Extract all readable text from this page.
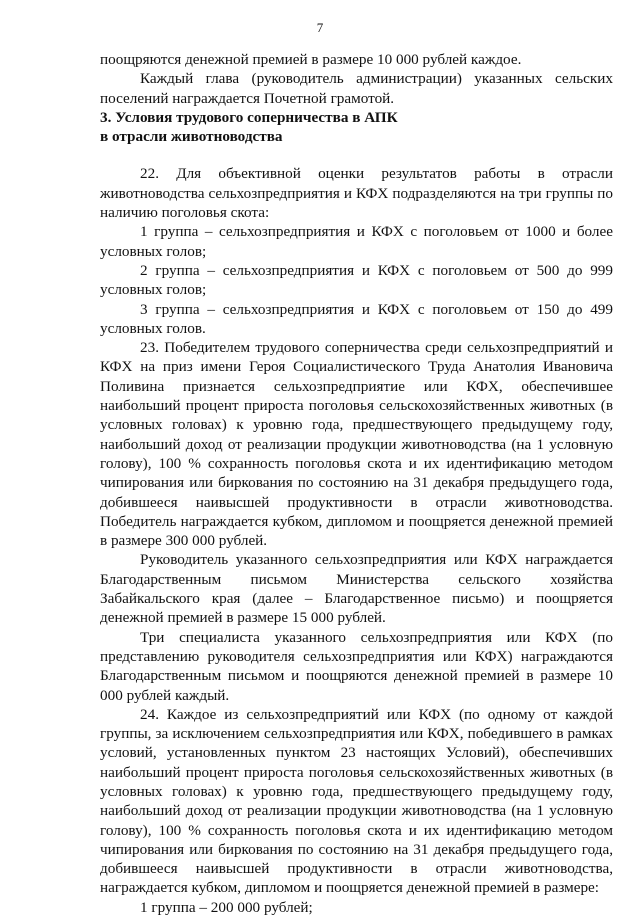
7

поощряются денежной премией в размере 10 000 рублей каждое.

Каждый глава (руководитель администрации) указанных сельских поселений награждается Почетной грамотой.

3. Условия трудового соперничества в АПК

в отрасли животноводства

22. Для объективной оценки результатов работы в отрасли животноводства сельхозпредприятия и КФХ подразделяются на три группы по наличию поголовья скота:

1 группа – сельхозпредприятия и КФХ с поголовьем от 1000 и более условных голов;

2 группа – сельхозпредприятия и КФХ с поголовьем от 500 до 999 условных голов;

3 группа – сельхозпредприятия и КФХ с поголовьем от 150 до 499 условных голов.

23. Победителем трудового соперничества среди сельхозпредприятий и КФХ на приз имени Героя Социалистического Труда Анатолия Ивановича Поливина признается сельхозпредприятие или КФХ, обеспечившее наибольший процент прироста поголовья сельскохозяйственных животных (в условных головах) к уровню года, предшествующего предыдущему году, наибольший доход от реализации продукции животноводства (на 1 условную голову), 100 % сохранность поголовья скота и их идентификацию методом чипирования или биркования по состоянию на 31 декабря предыдущего года, добившееся наивысшей продуктивности в отрасли животноводства. Победитель награждается кубком, дипломом и поощряется денежной премией в размере 300 000 рублей.

Руководитель указанного сельхозпредприятия или КФХ награждается Благодарственным письмом Министерства сельского хозяйства Забайкальского края (далее – Благодарственное письмо) и поощряется денежной премией в размере 15 000 рублей.

Три специалиста указанного сельхозпредприятия или КФХ (по представлению руководителя сельхозпредприятия или КФХ) награждаются Благодарственным письмом и поощряются денежной премией в размере 10 000 рублей каждый.

24. Каждое из сельхозпредприятий или КФХ (по одному от каждой группы, за исключением сельхозпредприятия или КФХ, победившего в рамках условий, установленных пунктом 23 настоящих Условий), обеспечивших наибольший процент прироста поголовья сельскохозяйственных животных (в условных головах) к уровню года, предшествующего предыдущему году, наибольший доход от реализации продукции животноводства (на 1 условную голову), 100 % сохранность поголовья скота и их идентификацию методом чипирования или биркования по состоянию на 31 декабря предыдущего года, добившееся наивысшей продуктивности в отрасли животноводства, награждается кубком, дипломом и поощряется денежной премией в размере:

1 группа – 200 000 рублей;
